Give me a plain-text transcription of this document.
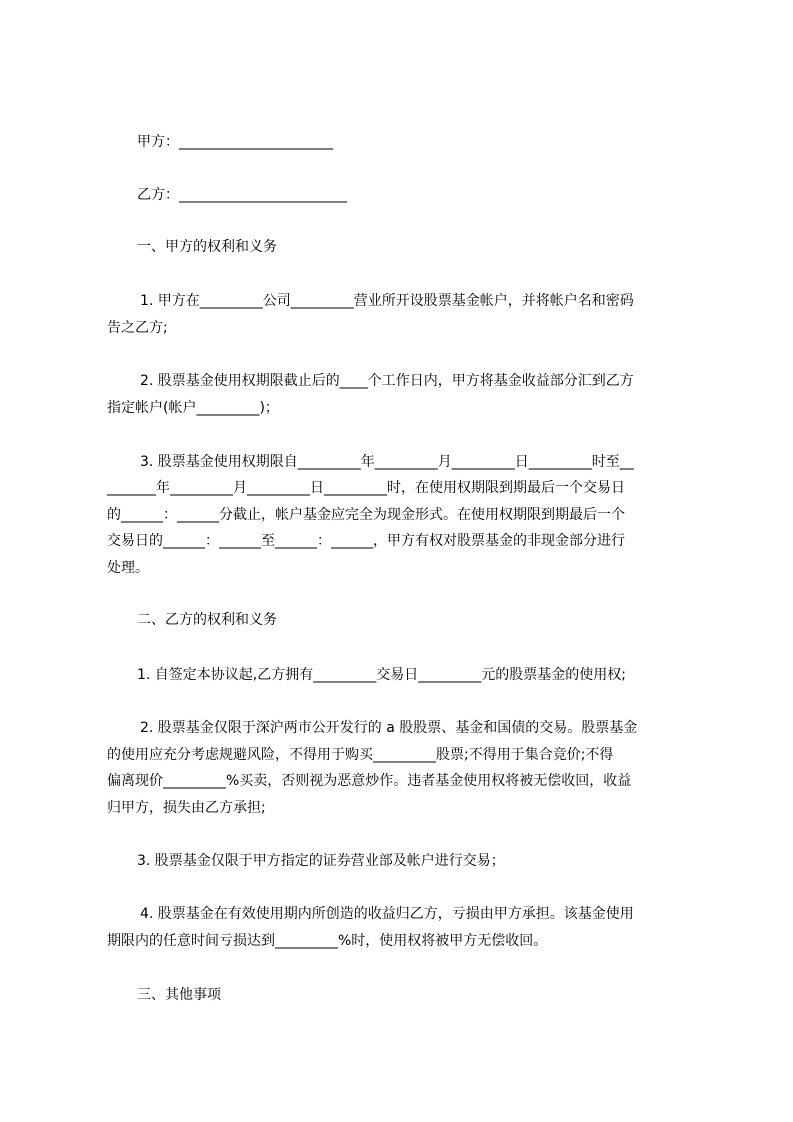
甲方：______________________

乙方：________________________

一、甲方的权利和义务

1. 甲方在_________公司_________营业所开设股票基金帐户，并将帐户名和密码

告之乙方;

2. 股票基金使用权期限截止后的____个工作日内，甲方将基金收益部分汇到乙方

指定帐户(帐户_________)；

3. 股票基金使用权期限自_________年_________月_________日_________时至__

_______年_________月_________日_________时，在使用权期限到期最后一个交易日

的______：______分截止，帐户基金应完全为现金形式。在使用权期限到期最后一个

交易日的______：______至______：______，甲方有权对股票基金的非现金部分进行

处理。

二、乙方的权利和义务

1. 自签定本协议起,乙方拥有_________交易日_________元的股票基金的使用权;

2. 股票基金仅限于深沪两市公开发行的 a 股股票、基金和国债的交易。股票基金

的使用应充分考虑规避风险，不得用于购买_________股票;不得用于集合竞价;不得

偏离现价_________%买卖，否则视为恶意炒作。违者基金使用权将被无偿收回，收益

归甲方，损失由乙方承担;

3. 股票基金仅限于甲方指定的证券营业部及帐户进行交易；

4. 股票基金在有效使用期内所创造的收益归乙方，亏损由甲方承担。该基金使用

期限内的任意时间亏损达到_________%时，使用权将被甲方无偿收回。

三、其他事项
